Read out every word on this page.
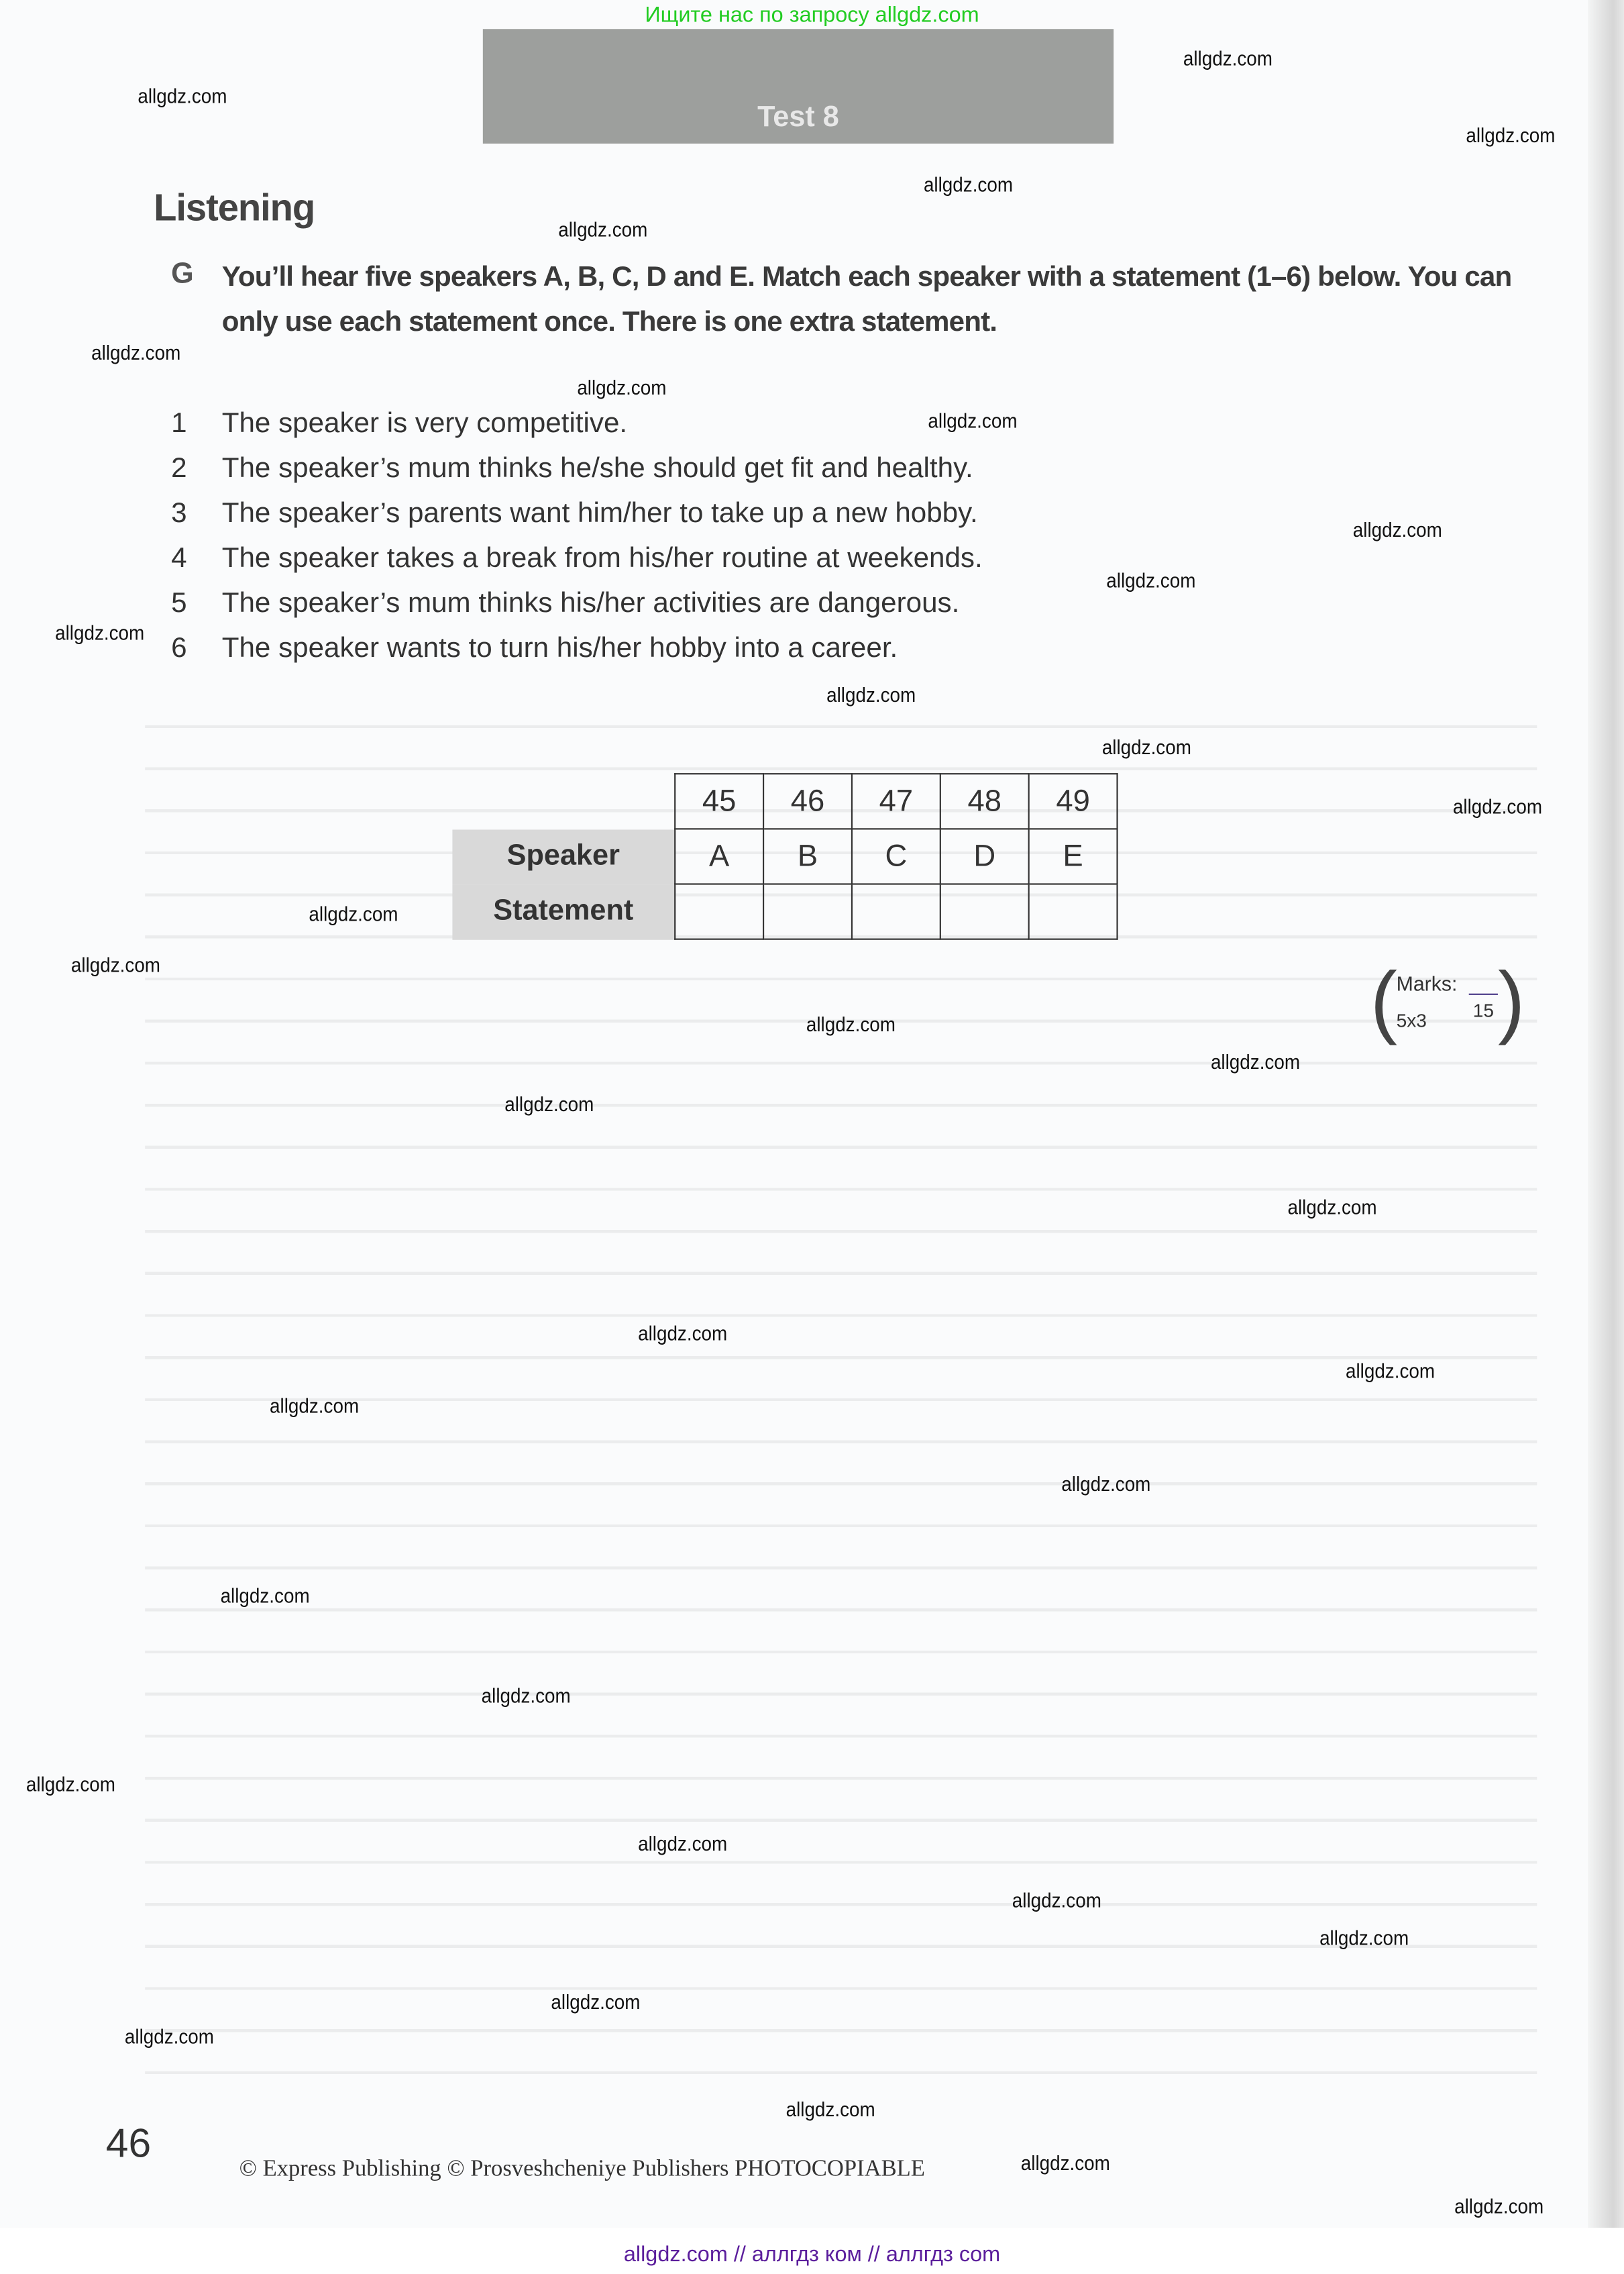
Ищите нас по запросу allgdz.com
Test 8
Listening
G You’ll hear five speakers A, B, C, D and E. Match each speaker with a statement (1–6) below. You can only use each statement once. There is one extra statement.
1	The speaker is very competitive.
2	The speaker’s mum thinks he/she should get fit and healthy.
3	The speaker’s parents want him/her to take up a new hobby.
4	The speaker takes a break from his/her routine at weekends.
5	The speaker’s mum thinks his/her activities are dangerous.
6	The speaker wants to turn his/her hobby into a career.
	45	46	47	48	49
Speaker	A	B	C	D	E
Statement					
(
Marks:
15
5x3 )
46
© Express Publishing © Prosveshcheniye Publishers PHOTOCOPIABLE
allgdz.com // аллгдз ком // аллгдз com
allgdz.com
allgdz.com
allgdz.com
allgdz.com
allgdz.com
allgdz.com
allgdz.com
allgdz.com
allgdz.com
allgdz.com
allgdz.com
allgdz.com
allgdz.com
allgdz.com
allgdz.com
allgdz.com
allgdz.com
allgdz.com
allgdz.com
allgdz.com
allgdz.com
allgdz.com
allgdz.com
allgdz.com
allgdz.com
allgdz.com
allgdz.com
allgdz.com
allgdz.com
allgdz.com
allgdz.com
allgdz.com
allgdz.com
allgdz.com
allgdz.com
